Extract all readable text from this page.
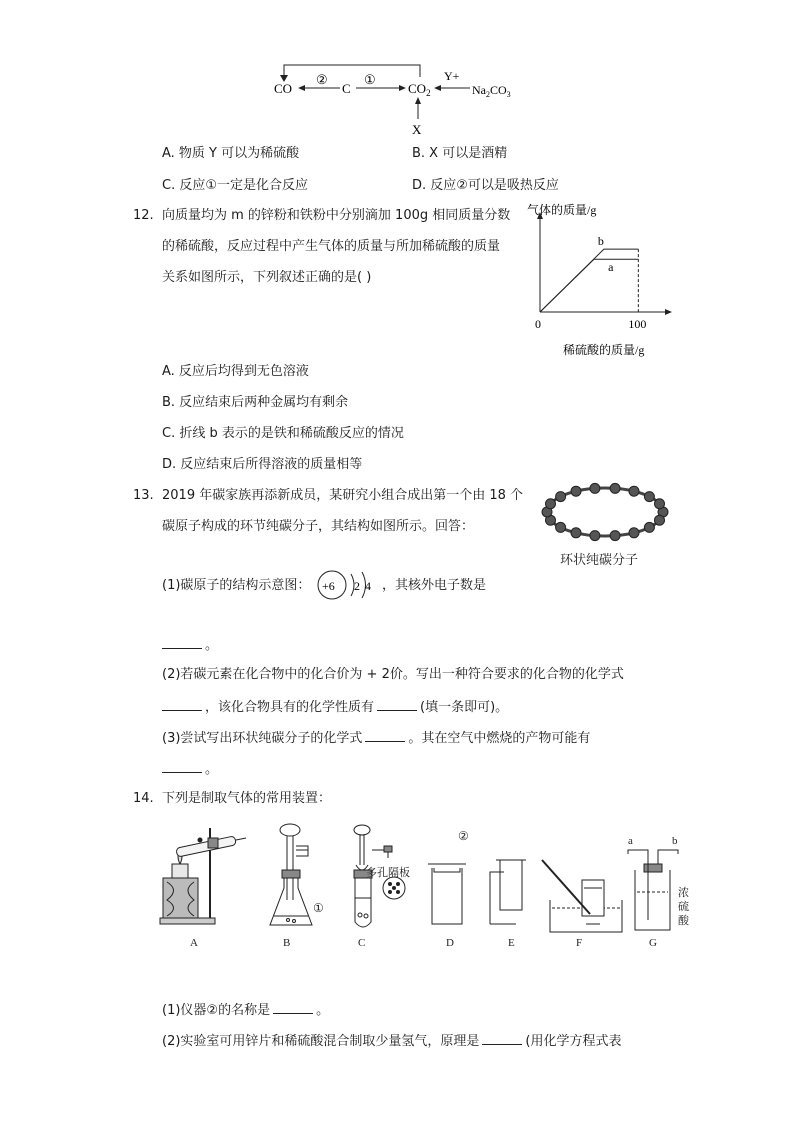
CO
②
C
①
$CO_2$
Y+
$Na_2CO_3$
X
A. 物质 Y 可以为稀硫酸	B. X 可以是酒精
C. 反应①一定是化合反应	D. 反应②可以是吸热反应
12. 向质量均为 m 的锌粉和铁粉中分别滴加 100g 相同质量分数
的稀硫酸，反应过程中产生气体的质量与所加稀硫酸的质量
关系如图所示，下列叙述正确的是( )
气体的质量/g
稀硫酸的质量/g
0	100
b
a
A. 反应后均得到无色溶液
B. 反应结束后两种金属均有剩余
C. 折线 b 表示的是铁和稀硫酸反应的情况
D. 反应结束后所得溶液的质量相等
13. 2019 年碳家族再添新成员，某研究小组合成出第一个由 18 个
碳原子构成的环节纯碳分子，其结构如图所示。回答：
环状纯碳分子
(1)碳原子的结构示意图： +6 2 4 ，其核外电子数是
。
(2)若碳元素在化合物中的化合价为 + 2价。写出一种符合要求的化合物的化学式
，该化合物具有的化学性质有	(填一条即可)。
(3)尝试写出环状纯碳分子的化学式	。其在空气中燃烧的产物可能有
。
14. 下列是制取气体的常用装置：
②
①
多孔隔板
a	b
浓
硫
酸
A	B	C	D	E	F	G
(1)仪器②的名称是	。
(2)实验室可用锌片和稀硫酸混合制取少量氢气，原理是	(用化学方程式表
